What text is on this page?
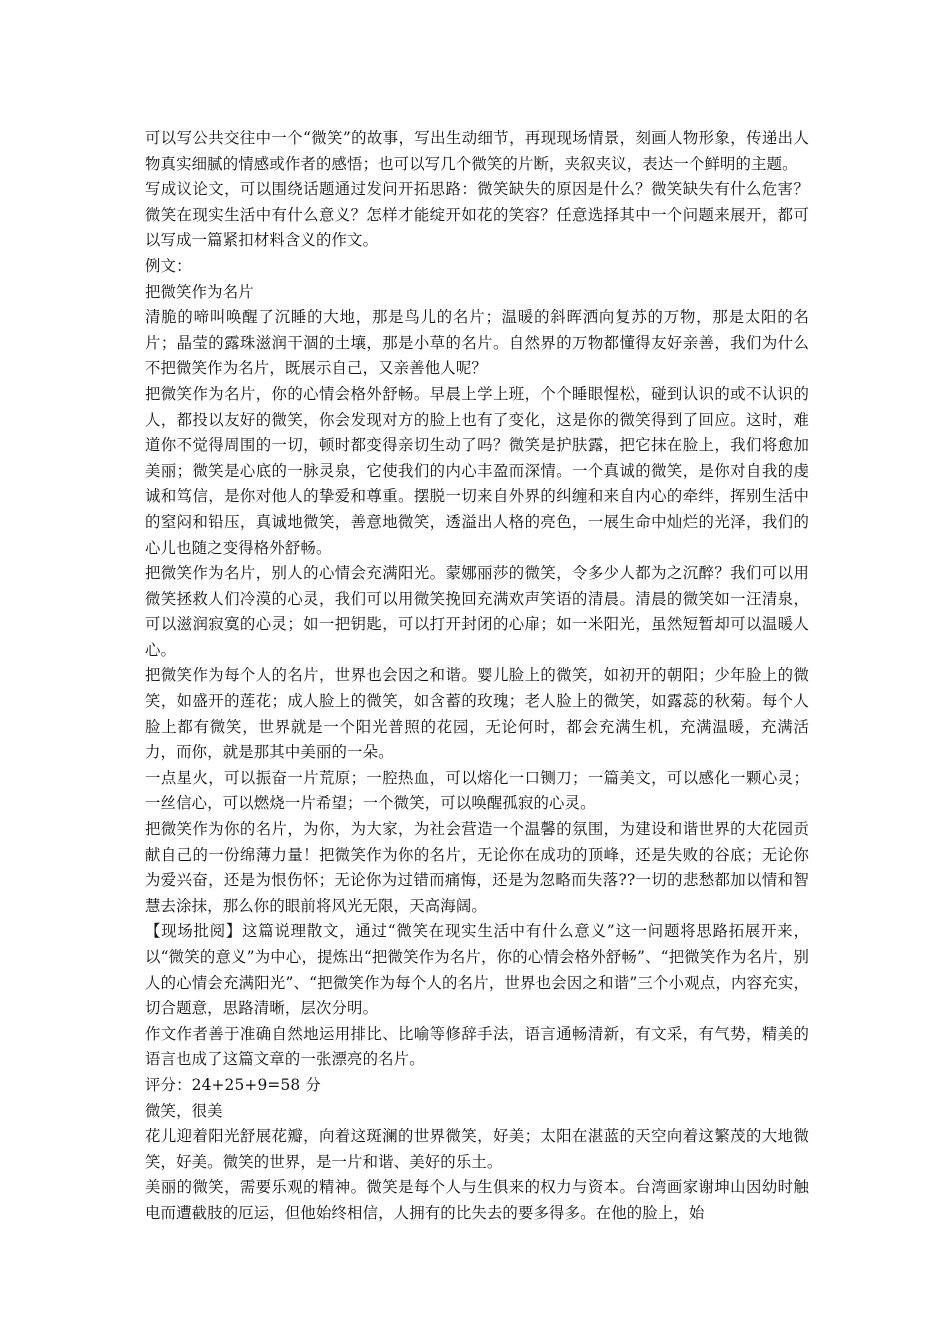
可以写公共交往中一个“微笑”的故事，写出生动细节，再现现场情景，刻画人物形象，传递出人物真实细腻的情感或作者的感悟；也可以写几个微笑的片断，夹叙夹议，表达一个鲜明的主题。

写成议论文，可以围绕话题通过发问开拓思路：微笑缺失的原因是什么？微笑缺失有什么危害？微笑在现实生活中有什么意义？怎样才能绽开如花的笑容？任意选择其中一个问题来展开，都可以写成一篇紧扣材料含义的作文。

例文：

把微笑作为名片

清脆的啼叫唤醒了沉睡的大地，那是鸟儿的名片；温暖的斜晖洒向复苏的万物，那是太阳的名片；晶莹的露珠滋润干涸的土壤，那是小草的名片。自然界的万物都懂得友好亲善，我们为什么不把微笑作为名片，既展示自己，又亲善他人呢？

把微笑作为名片，你的心情会格外舒畅。早晨上学上班，个个睡眼惺松，碰到认识的或不认识的人，都投以友好的微笑，你会发现对方的脸上也有了变化，这是你的微笑得到了回应。这时，难道你不觉得周围的一切，顿时都变得亲切生动了吗？微笑是护肤露，把它抹在脸上，我们将愈加美丽；微笑是心底的一脉灵泉，它使我们的内心丰盈而深情。一个真诚的微笑，是你对自我的虔诚和笃信，是你对他人的挚爱和尊重。摆脱一切来自外界的纠缠和来自内心的牵绊，挥别生活中的窒闷和铅压，真诚地微笑，善意地微笑，透溢出人格的亮色，一展生命中灿烂的光泽，我们的心儿也随之变得格外舒畅。

把微笑作为名片，别人的心情会充满阳光。蒙娜丽莎的微笑，令多少人都为之沉醉？我们可以用微笑拯救人们冷漠的心灵，我们可以用微笑挽回充满欢声笑语的清晨。清晨的微笑如一汪清泉，可以滋润寂寞的心灵；如一把钥匙，可以打开封闭的心扉；如一米阳光，虽然短暂却可以温暖人心。

把微笑作为每个人的名片，世界也会因之和谐。婴儿脸上的微笑，如初开的朝阳；少年脸上的微笑，如盛开的莲花；成人脸上的微笑，如含蓄的玫瑰；老人脸上的微笑，如露蕊的秋菊。每个人脸上都有微笑，世界就是一个阳光普照的花园，无论何时，都会充满生机，充满温暖，充满活力，而你，就是那其中美丽的一朵。

一点星火，可以振奋一片荒原；一腔热血，可以熔化一口铡刀；一篇美文，可以感化一颗心灵；一丝信心，可以燃烧一片希望；一个微笑，可以唤醒孤寂的心灵。

把微笑作为你的名片，为你，为大家，为社会营造一个温馨的氛围，为建设和谐世界的大花园贡献自己的一份绵薄力量！把微笑作为你的名片，无论你在成功的顶峰，还是失败的谷底；无论你为爱兴奋，还是为恨伤怀；无论你为过错而痛悔，还是为忽略而失落??一切的悲愁都加以情和智慧去涂抹，那么你的眼前将风光无限，天高海阔。

【现场批阅】这篇说理散文，通过“微笑在现实生活中有什么意义”这一问题将思路拓展开来，以“微笑的意义”为中心，提炼出“把微笑作为名片，你的心情会格外舒畅”、“把微笑作为名片，别人的心情会充满阳光”、“把微笑作为每个人的名片，世界也会因之和谐”三个小观点，内容充实，切合题意，思路清晰，层次分明。

作文作者善于准确自然地运用排比、比喻等修辞手法，语言通畅清新，有文采，有气势，精美的语言也成了这篇文章的一张漂亮的名片。

评分：24+25+9=58 分

微笑，很美

花儿迎着阳光舒展花瓣，向着这斑澜的世界微笑，好美；太阳在湛蓝的天空向着这繁茂的大地微笑，好美。微笑的世界，是一片和谐、美好的乐土。

美丽的微笑，需要乐观的精神。微笑是每个人与生俱来的权力与资本。台湾画家谢坤山因幼时触电而遭截肢的厄运，但他始终相信，人拥有的比失去的要多得多。在他的脸上，始
